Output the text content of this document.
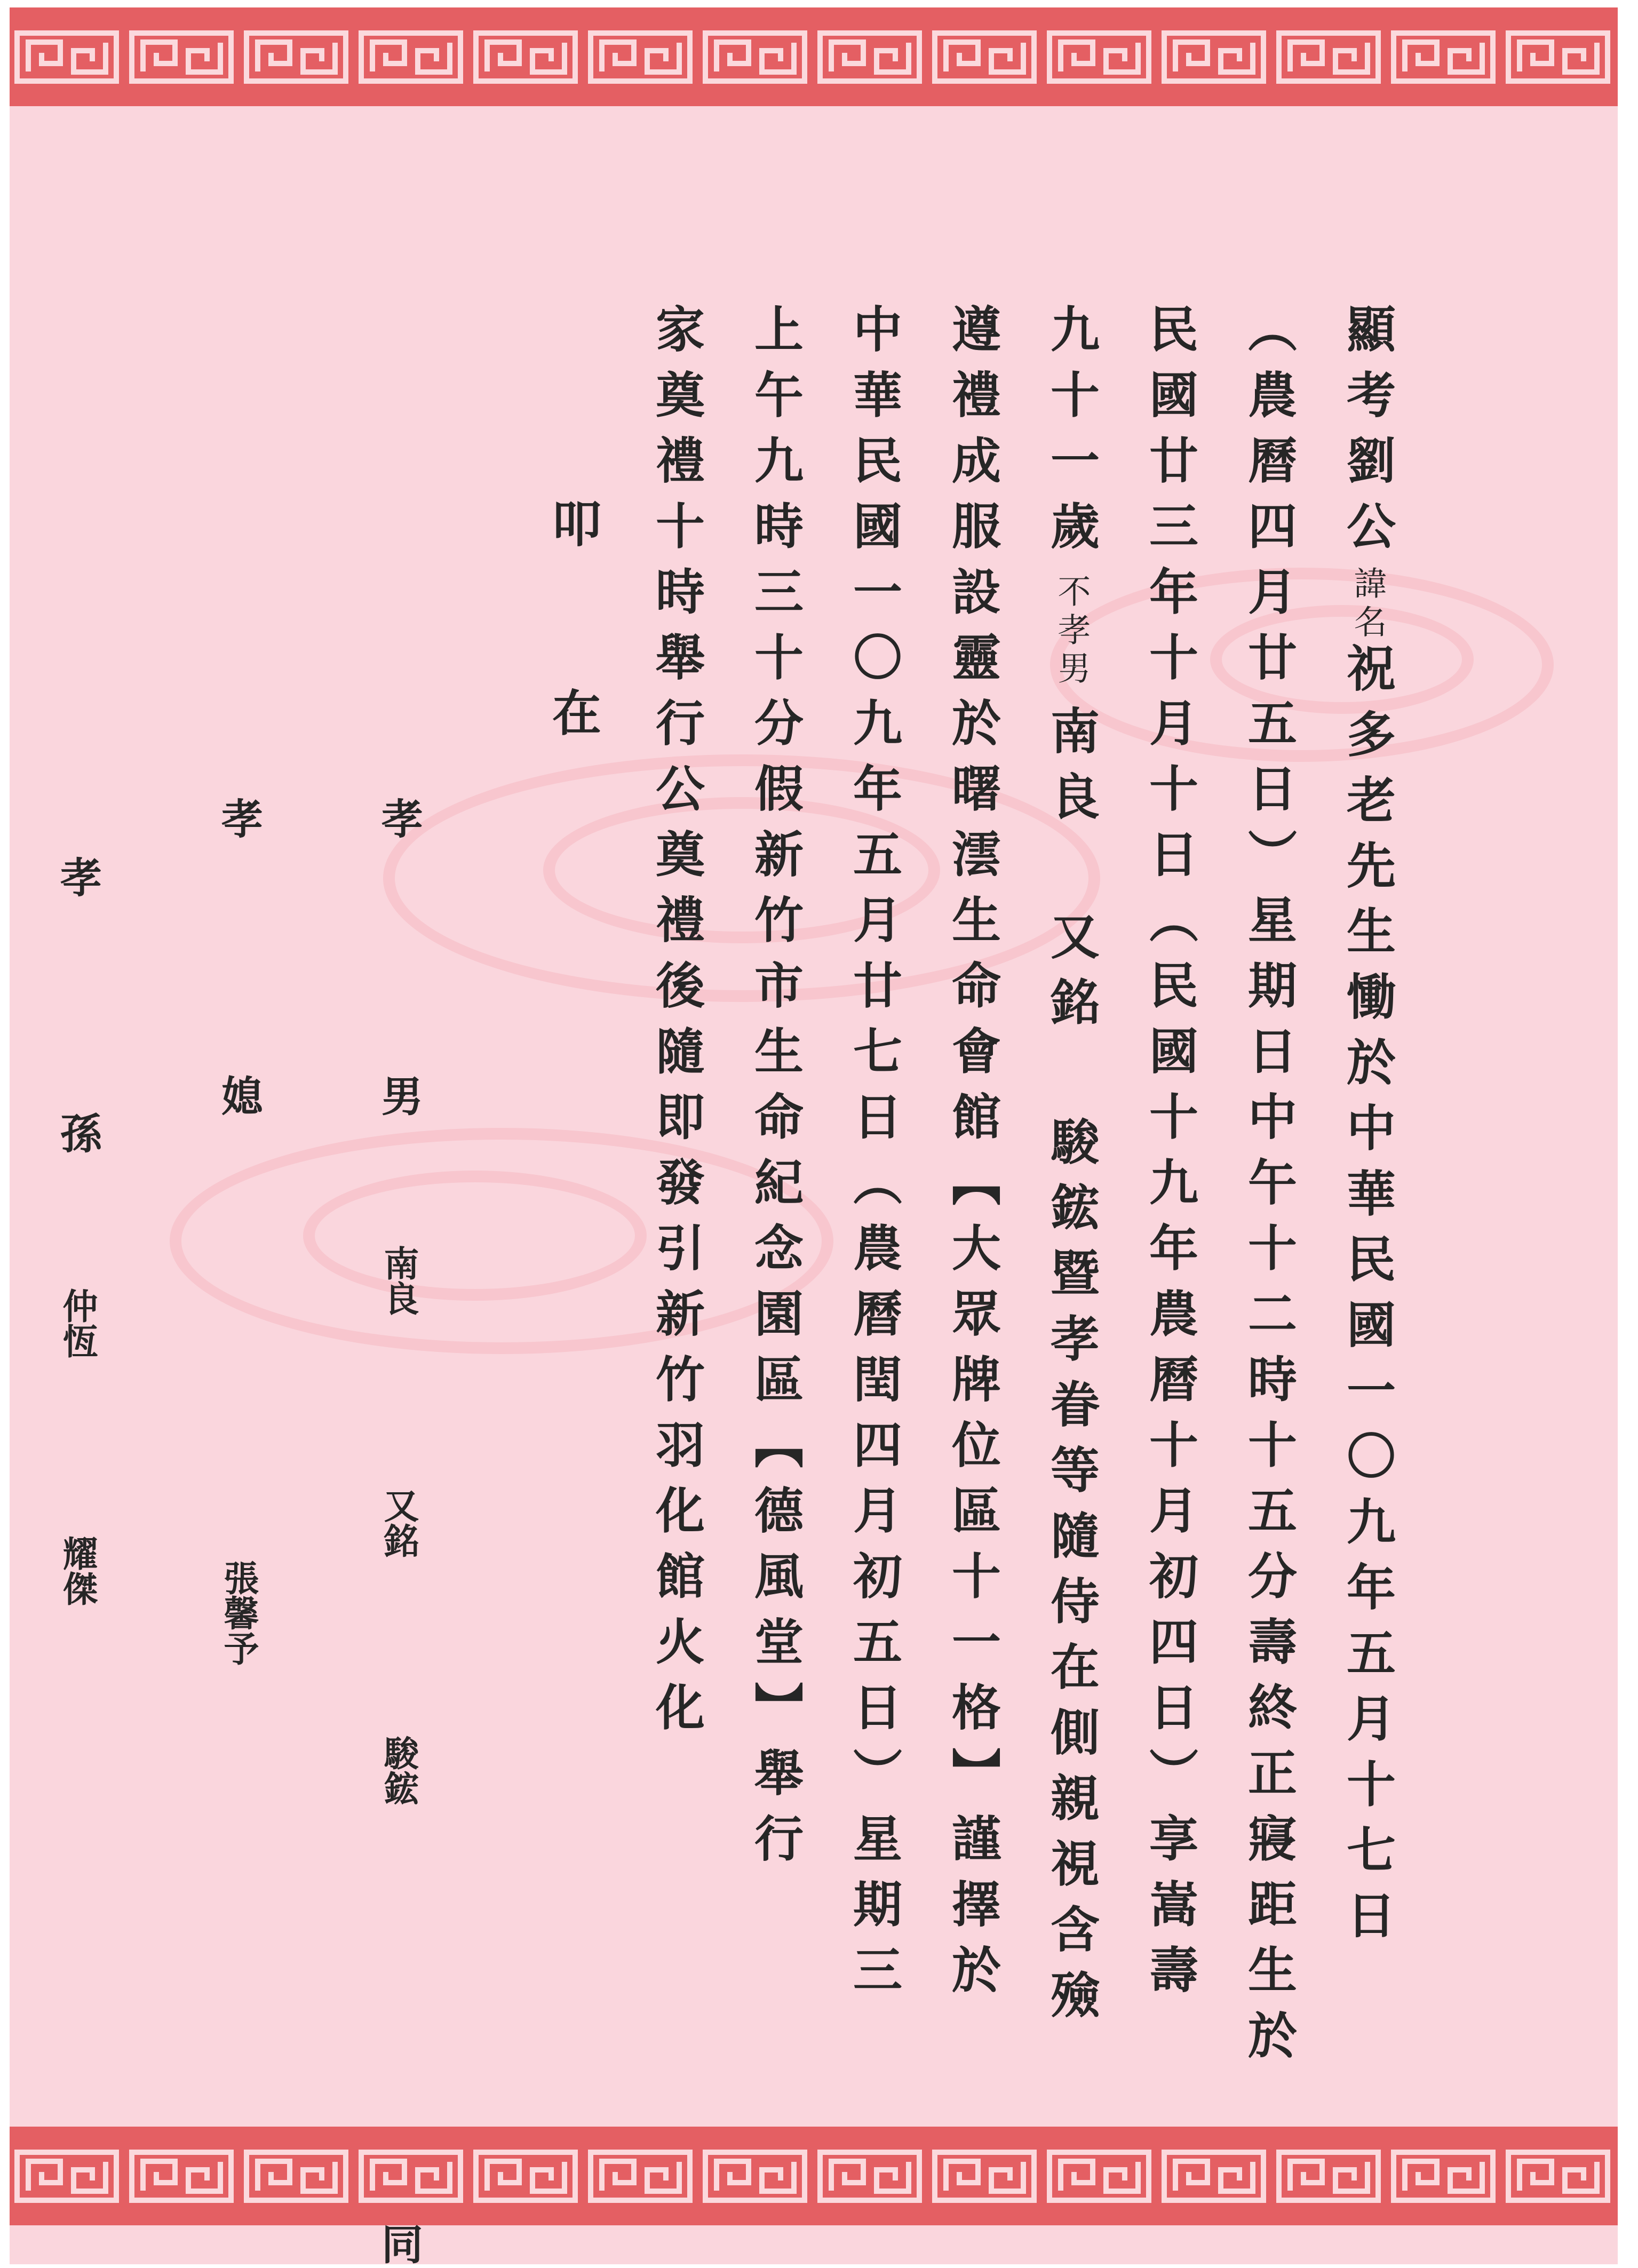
顯考劉公諱名祝多老先生慟於中華民國一〇九年五月十七日
（農曆四月廿五日）星期日中午十二時十五分壽終正寢距生於
民國廿三年十月十日（民國十九年農曆十月初四日）享嵩壽
九十一歲不孝男南良 又銘 駿鋐暨孝眷等隨侍在側親視含殮
遵禮成服設靈於曙澐生命會館【大眾牌位區十一格】謹擇於
中華民國一〇九年五月廿七日（農曆閏四月初五日）星期三
上午九時三十分假新竹市生命紀念園區【德風堂】舉行
家奠禮十時舉行公奠禮後隨即發引新竹羽化館火化
叩　在
孝  男  南良  又銘  駿鋐  同
孝  媳  張馨予
孝  孫  仲恆  耀傑
